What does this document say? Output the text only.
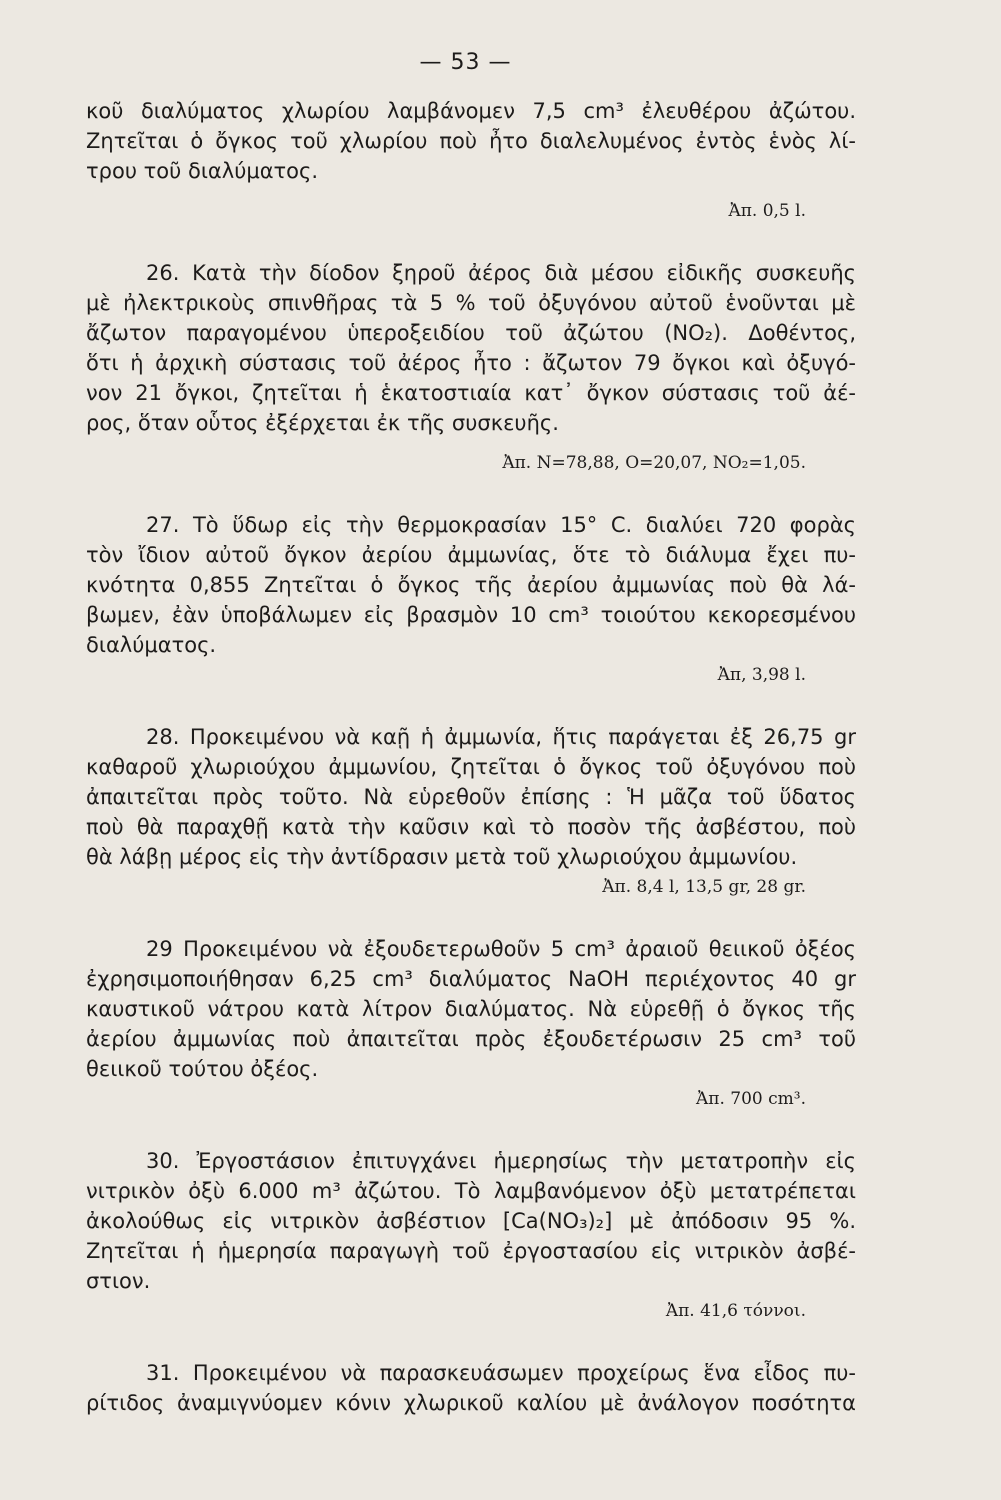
— 53 —
κοῦ διαλύματος χλωρίου λαμβάνομεν 7,5 cm³ ἐλευθέρου ἀζώτου.
Ζητεῖται ὁ ὄγκος τοῦ χλωρίου ποὺ ἦτο διαλελυμένος ἐντὸς ἑνὸς λί-
τρου τοῦ διαλύματος.
Ἀπ. 0,5 l.
26. Κατὰ τὴν δίοδον ξηροῦ ἀέρος διὰ μέσου εἰδικῆς συσκευῆς
μὲ ἠλεκτρικοὺς σπινθῆρας τὰ 5 % τοῦ ὀξυγόνου αὐτοῦ ἑνοῦνται μὲ
ἄζωτον παραγομένου ὑπεροξειδίου τοῦ ἀζώτου (NO₂). Δοθέντος,
ὅτι ἡ ἀρχικὴ σύστασις τοῦ ἀέρος ἦτο : ἄζωτον 79 ὄγκοι καὶ ὀξυγό-
νον 21 ὄγκοι, ζητεῖται ἡ ἑκατοστιαία κατ᾽ ὄγκον σύστασις τοῦ ἀέ-
ρος, ὅταν οὗτος ἐξέρχεται ἐκ τῆς συσκευῆς.
Ἀπ. N=78,88, O=20,07, NO₂=1,05.
27. Τὸ ὕδωρ εἰς τὴν θερμοκρασίαν 15° C. διαλύει 720 φορὰς
τὸν ἴδιον αὐτοῦ ὄγκον ἀερίου ἀμμωνίας, ὅτε τὸ διάλυμα ἔχει πυ-
κνότητα 0,855 Ζητεῖται ὁ ὄγκος τῆς ἀερίου ἀμμωνίας ποὺ θὰ λά-
βωμεν, ἐὰν ὑποβάλωμεν εἰς βρασμὸν 10 cm³ τοιούτου κεκορεσμένου
διαλύματος.
Ἀπ, 3,98 l.
28. Προκειμένου νὰ καῇ ἡ ἀμμωνία, ἥτις παράγεται ἐξ 26,75 gr
καθαροῦ χλωριούχου ἀμμωνίου, ζητεῖται ὁ ὄγκος τοῦ ὀξυγόνου ποὺ
ἀπαιτεῖται πρὸς τοῦτο. Νὰ εὑρεθοῦν ἐπίσης : Ἡ μᾶζα τοῦ ὕδατος
ποὺ θὰ παραχθῇ κατὰ τὴν καῦσιν καὶ τὸ ποσὸν τῆς ἀσβέστου, ποὺ
θὰ λάβῃ μέρος εἰς τὴν ἀντίδρασιν μετὰ τοῦ χλωριούχου ἀμμωνίου.
Ἀπ. 8,4 l, 13,5 gr, 28 gr.
29 Προκειμένου νὰ ἐξουδετερωθοῦν 5 cm³ ἀραιοῦ θειικοῦ ὀξέος
ἐχρησιμοποιήθησαν 6,25 cm³ διαλύματος NaOH περιέχοντος 40 gr
καυστικοῦ νάτρου κατὰ λίτρον διαλύματος. Νὰ εὑρεθῇ ὁ ὄγκος τῆς
ἀερίου ἀμμωνίας ποὺ ἀπαιτεῖται πρὸς ἐξουδετέρωσιν 25 cm³ τοῦ
θειικοῦ τούτου ὀξέος.
Ἀπ. 700 cm³.
30. Ἐργοστάσιον ἐπιτυγχάνει ἡμερησίως τὴν μετατροπὴν εἰς
νιτρικὸν ὀξὺ 6.000 m³ ἀζώτου. Τὸ λαμβανόμενον ὀξὺ μετατρέπεται
ἀκολούθως εἰς νιτρικὸν ἀσβέστιον [Ca(NO₃)₂] μὲ ἀπόδοσιν 95 %.
Ζητεῖται ἡ ἡμερησία παραγωγὴ τοῦ ἐργοστασίου εἰς νιτρικὸν ἀσβέ-
στιον.
Ἀπ. 41,6 τόννοι.
31. Προκειμένου νὰ παρασκευάσωμεν προχείρως ἕνα εἶδος πυ-
ρίτιδος ἀναμιγνύομεν κόνιν χλωρικοῦ καλίου μὲ ἀνάλογον ποσότητα
